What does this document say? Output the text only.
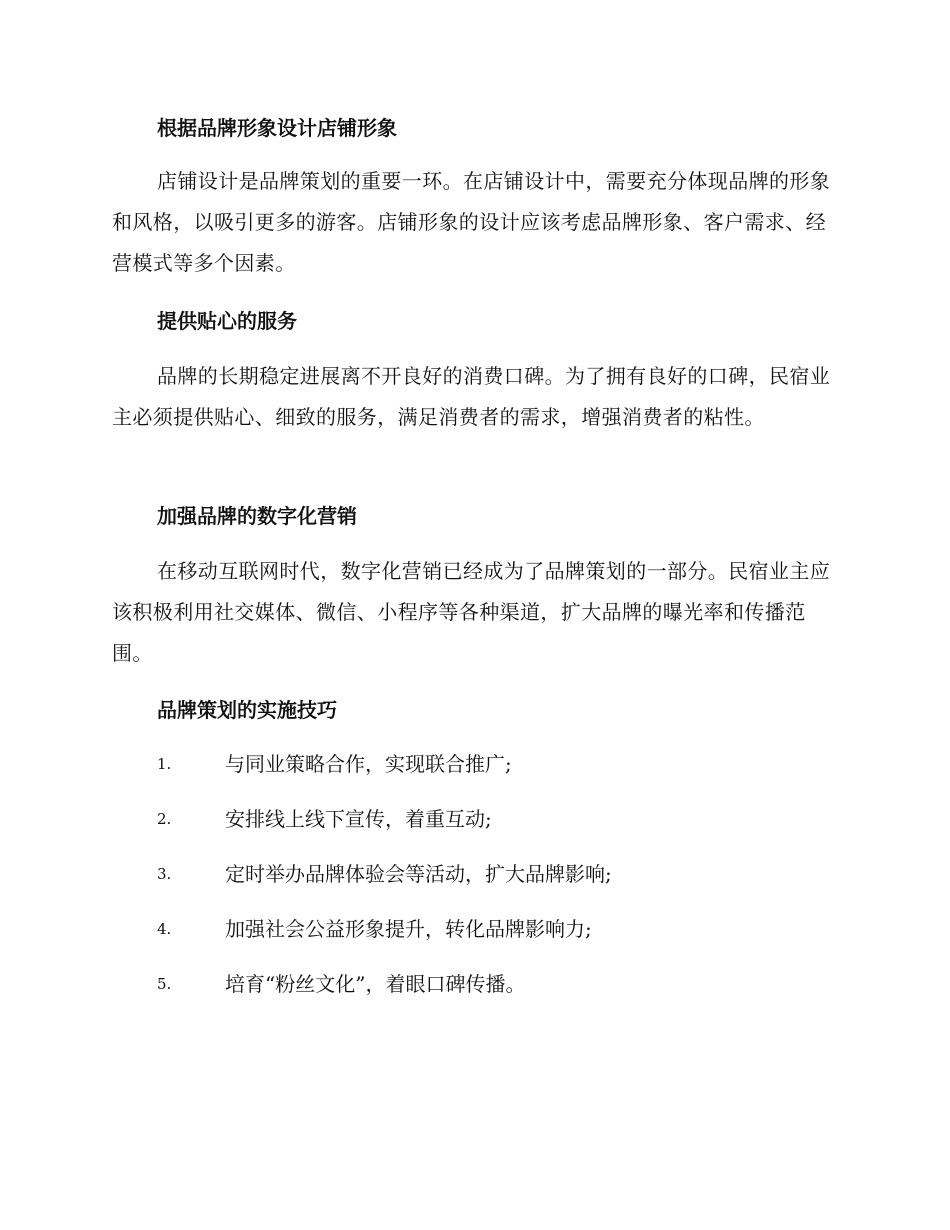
根据品牌形象设计店铺形象

店铺设计是品牌策划的重要一环。在店铺设计中，需要充分体现品牌的形象和风格，以吸引更多的游客。店铺形象的设计应该考虑品牌形象、客户需求、经营模式等多个因素。

提供贴心的服务

品牌的长期稳定进展离不开良好的消费口碑。为了拥有良好的口碑，民宿业主必须提供贴心、细致的服务，满足消费者的需求，增强消费者的粘性。

加强品牌的数字化营销

在移动互联网时代，数字化营销已经成为了品牌策划的一部分。民宿业主应该积极利用社交媒体、微信、小程序等各种渠道，扩大品牌的曝光率和传播范围。

品牌策划的实施技巧
1.	与同业策略合作，实现联合推广;
2.	安排线上线下宣传，着重互动;
3.	定时举办品牌体验会等活动，扩大品牌影响;
4.	加强社会公益形象提升，转化品牌影响力;
5.	培育“粉丝文化”，着眼口碑传播。
